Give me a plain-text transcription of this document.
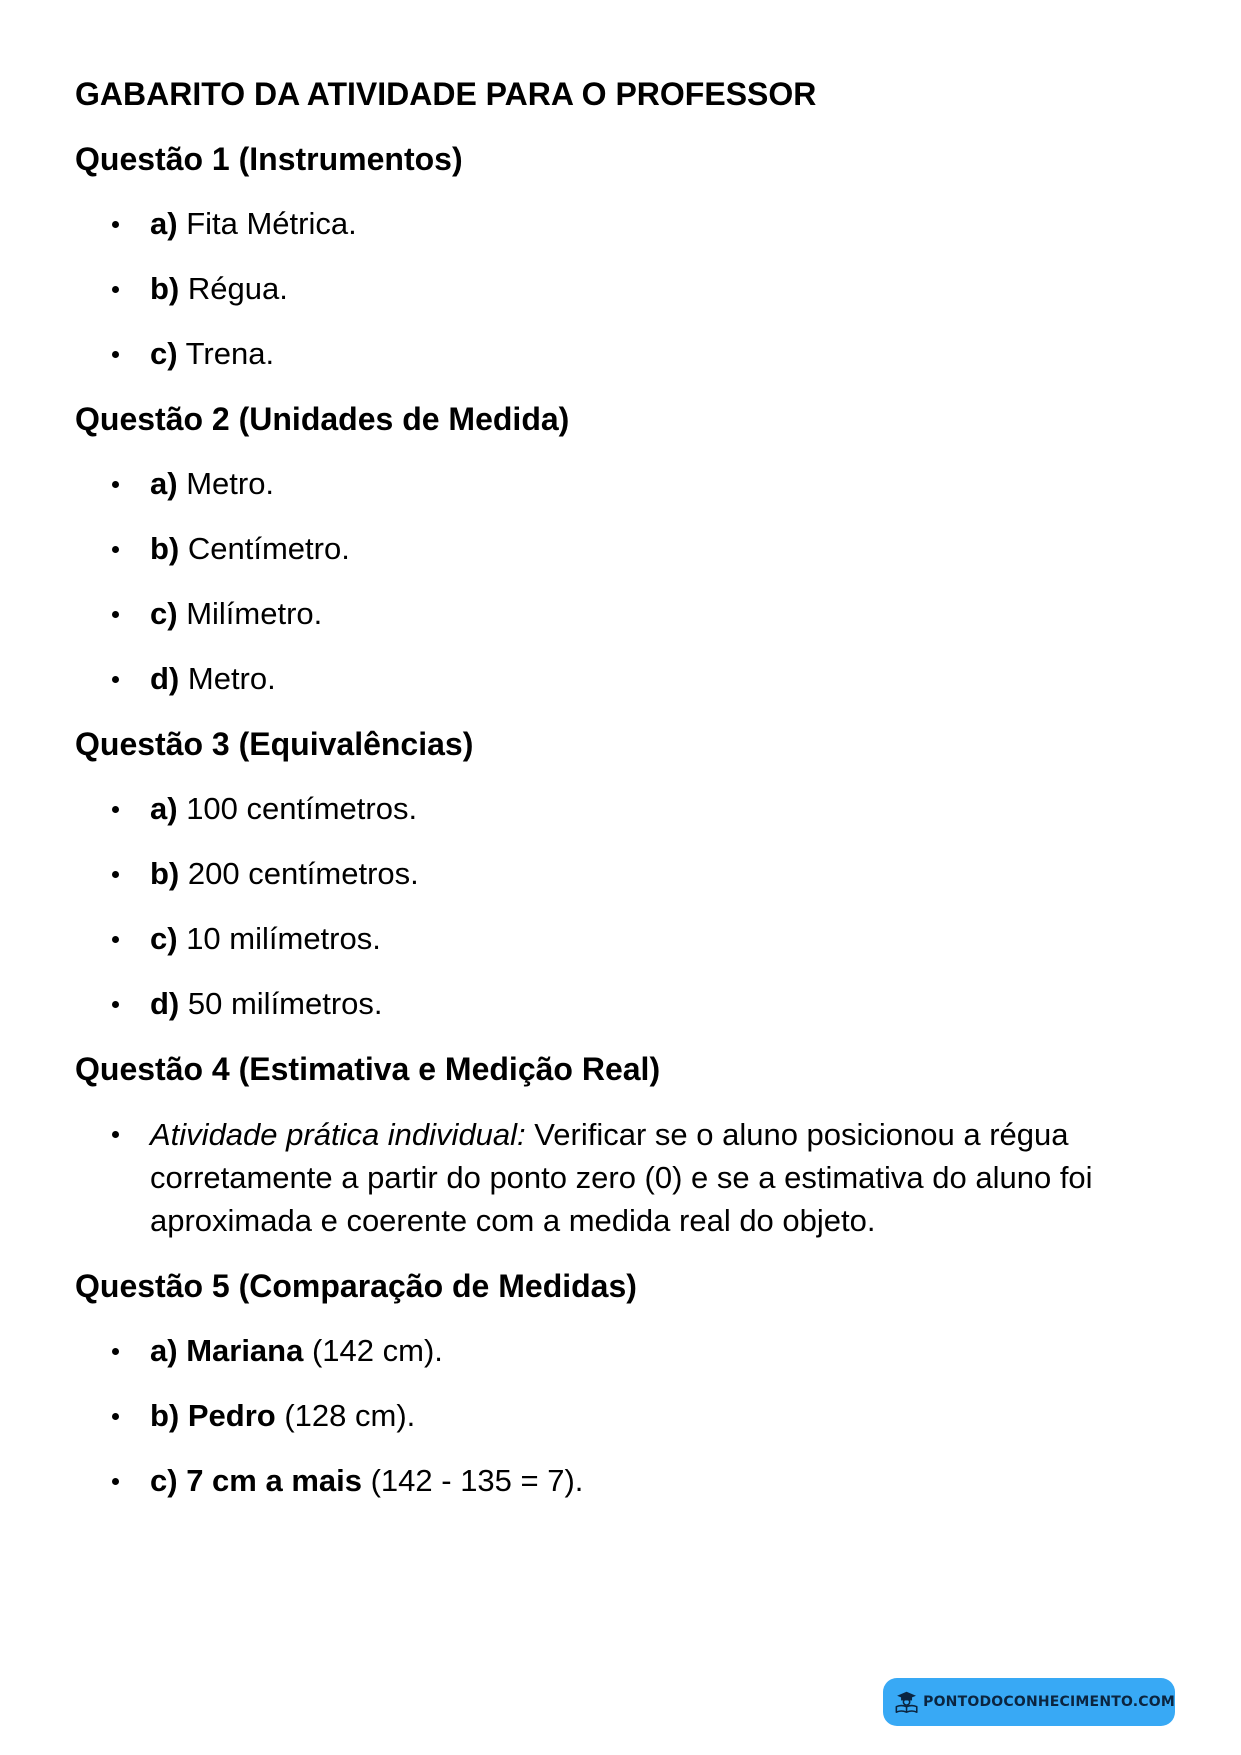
GABARITO DA ATIVIDADE PARA O PROFESSOR
Questão 1 (Instrumentos)
a) Fita Métrica.
b) Régua.
c) Trena.
Questão 2 (Unidades de Medida)
a) Metro.
b) Centímetro.
c) Milímetro.
d) Metro.
Questão 3 (Equivalências)
a) 100 centímetros.
b) 200 centímetros.
c) 10 milímetros.
d) 50 milímetros.
Questão 4 (Estimativa e Medição Real)
Atividade prática individual: Verificar se o aluno posicionou a régua corretamente a partir do ponto zero (0) e se a estimativa do aluno foi aproximada e coerente com a medida real do objeto.
Questão 5 (Comparação de Medidas)
a) Mariana (142 cm).
b) Pedro (128 cm).
c) 7 cm a mais (142 - 135 = 7).
PONTODOCONHECIMENTO.COM
